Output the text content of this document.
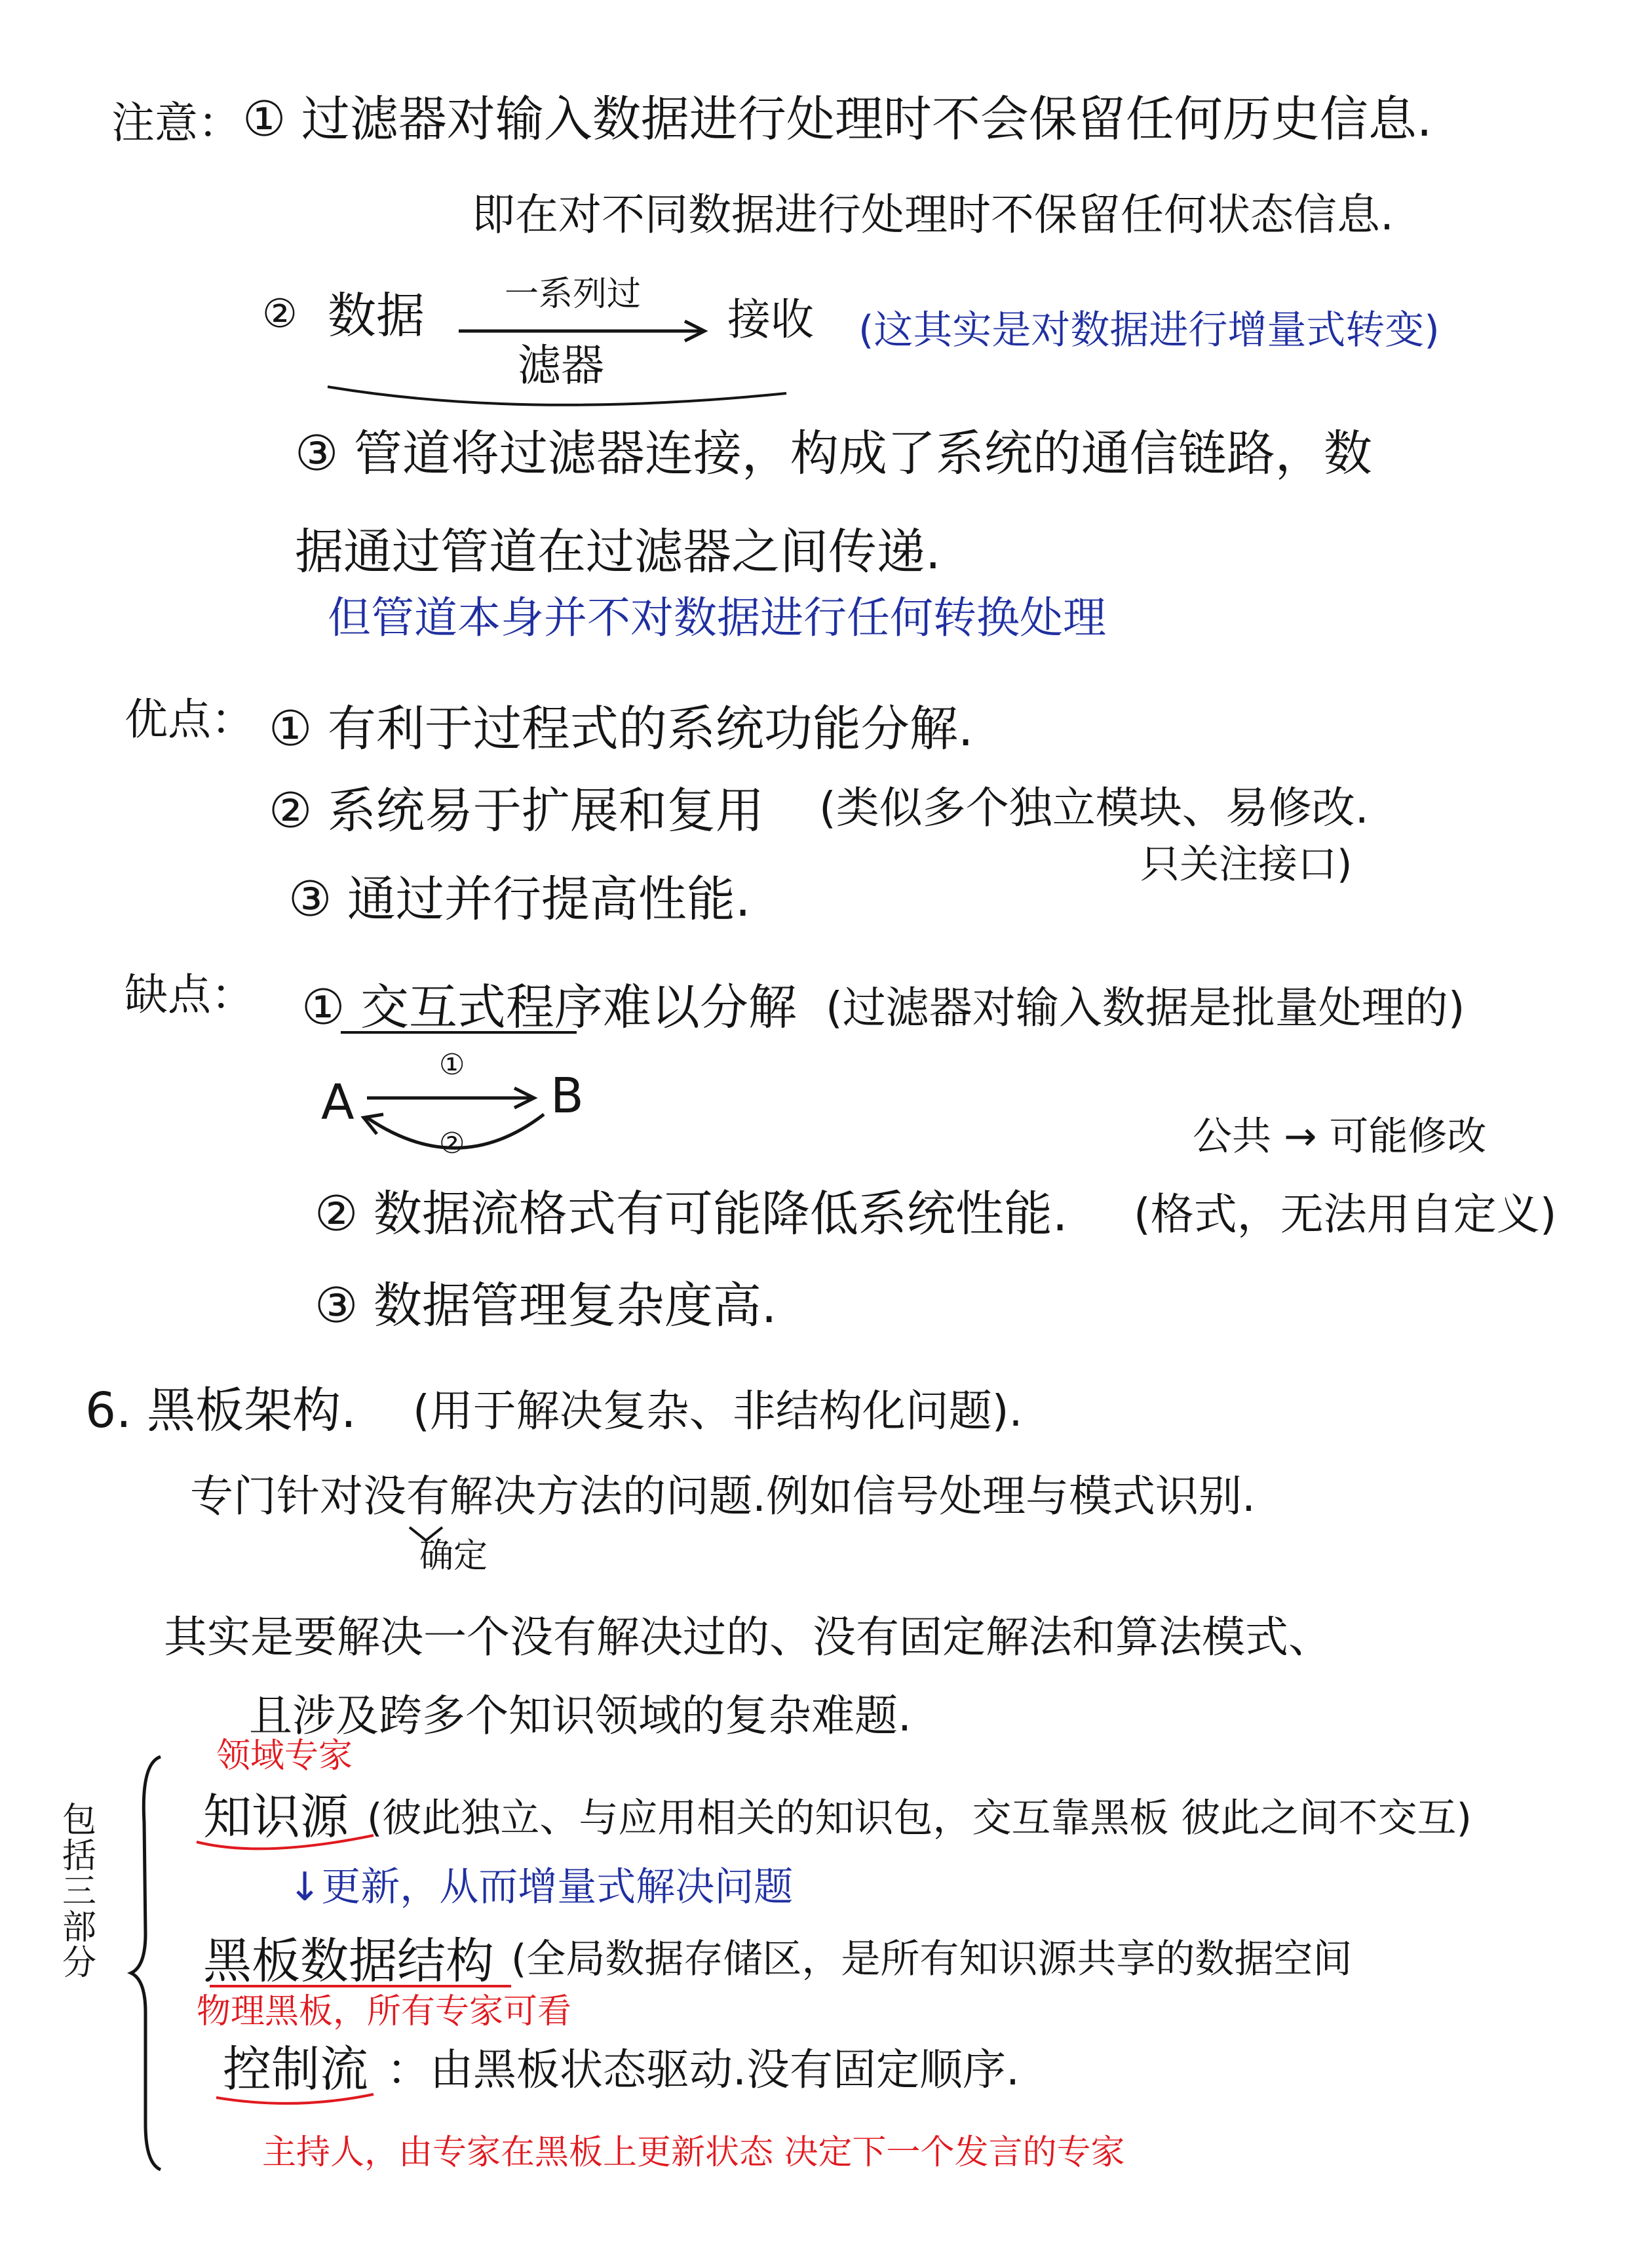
注意： ① 过滤器对输入数据进行处理时不会保留任何历史信息.
即在对不同数据进行处理时不保留任何状态信息.
② 数据 一系列过
滤器
接收 (这其实是对数据进行增量式转变)
③ 管道将过滤器连接，构成了系统的通信链路，数
据通过管道在过滤器之间传递.
但管道本身并不对数据进行任何转换处理
优点： ① 有利于过程式的系统功能分解.
② 系统易于扩展和复用 (类似多个独立模块、易修改.
只关注接口)
③ 通过并行提高性能.
缺点： ① 交互式程序难以分解 (过滤器对输入数据是批量处理的)
A	B
①
②	公共 → 可能修改
② 数据流格式有可能降低系统性能. (格式，无法用自定义)
③ 数据管理复杂度高.
6. 黑板架构. (用于解决复杂、非结构化问题).
专门针对没有解决方法的问题.例如信号处理与模式识别.
确定
其实是要解决一个没有解决过的、没有固定解法和算法模式、
且涉及跨多个知识领域的复杂难题.
包括三部分
领域专家
知识源 (彼此独立、与应用相关的知识包，交互靠黑板 彼此之间不交互)
↓更新，从而增量式解决问题
黑板数据结构 (全局数据存储区，是所有知识源共享的数据空间
物理黑板，所有专家可看
控制流 ：由黑板状态驱动.没有固定顺序.
主持人，由专家在黑板上更新状态 决定下一个发言的专家
